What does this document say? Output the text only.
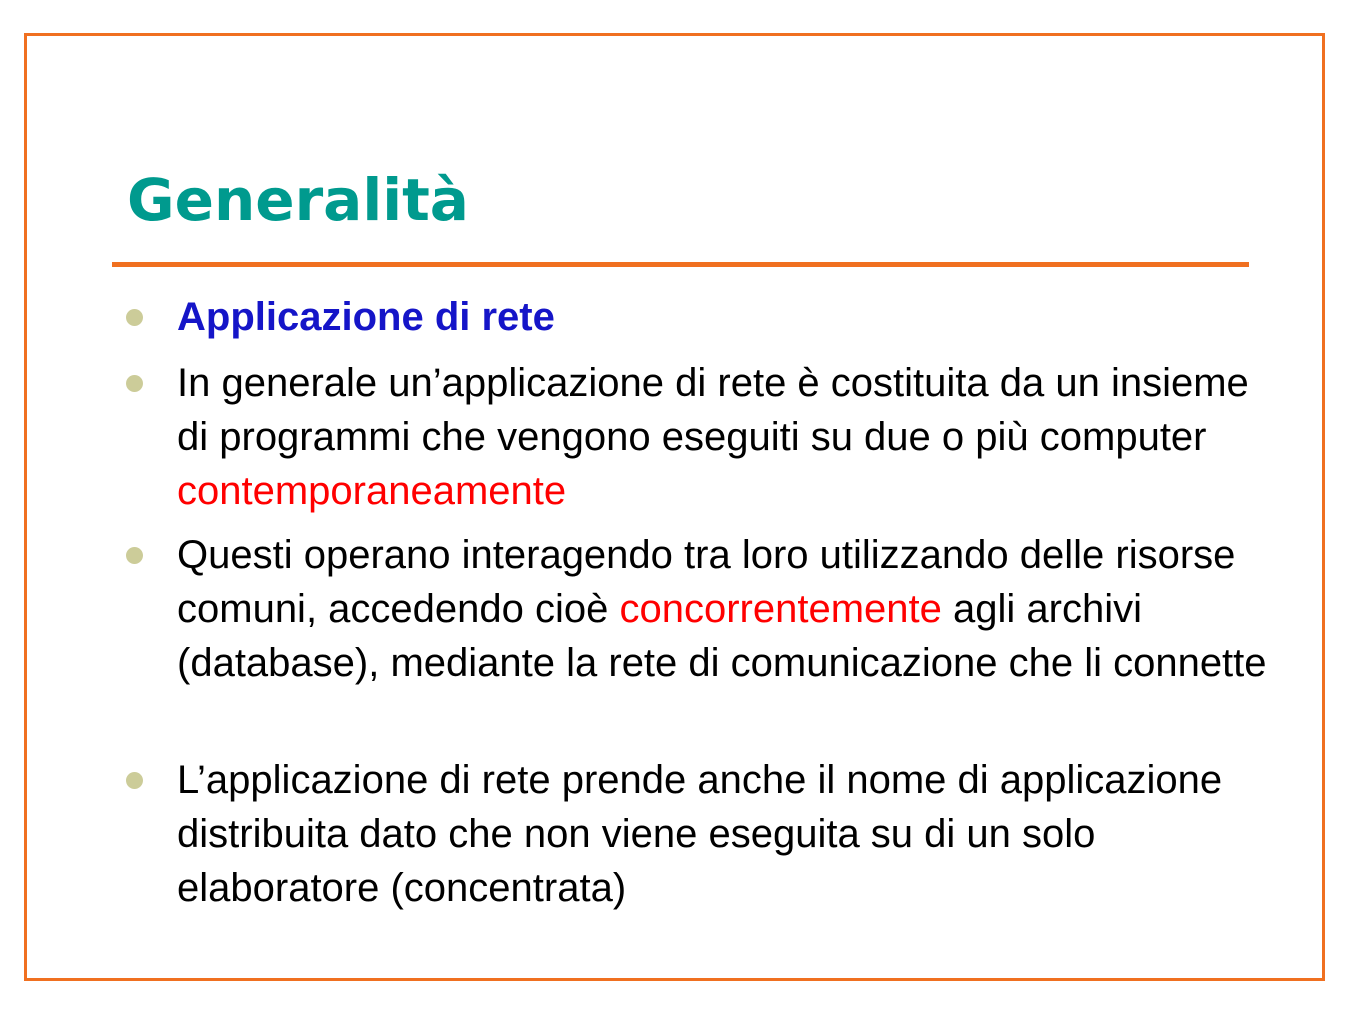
Generalità
Applicazione di rete
In generale un’applicazione di rete è costituita da un insieme di programmi che vengono eseguiti su due o più computer contemporaneamente
Questi operano interagendo tra loro utilizzando delle risorse comuni, accedendo cioè concorrentemente agli archivi (database), mediante la rete di comunicazione che li connette
L’applicazione di rete prende anche il nome di applicazione distribuita dato che non viene eseguita su di un solo elaboratore (concentrata)
